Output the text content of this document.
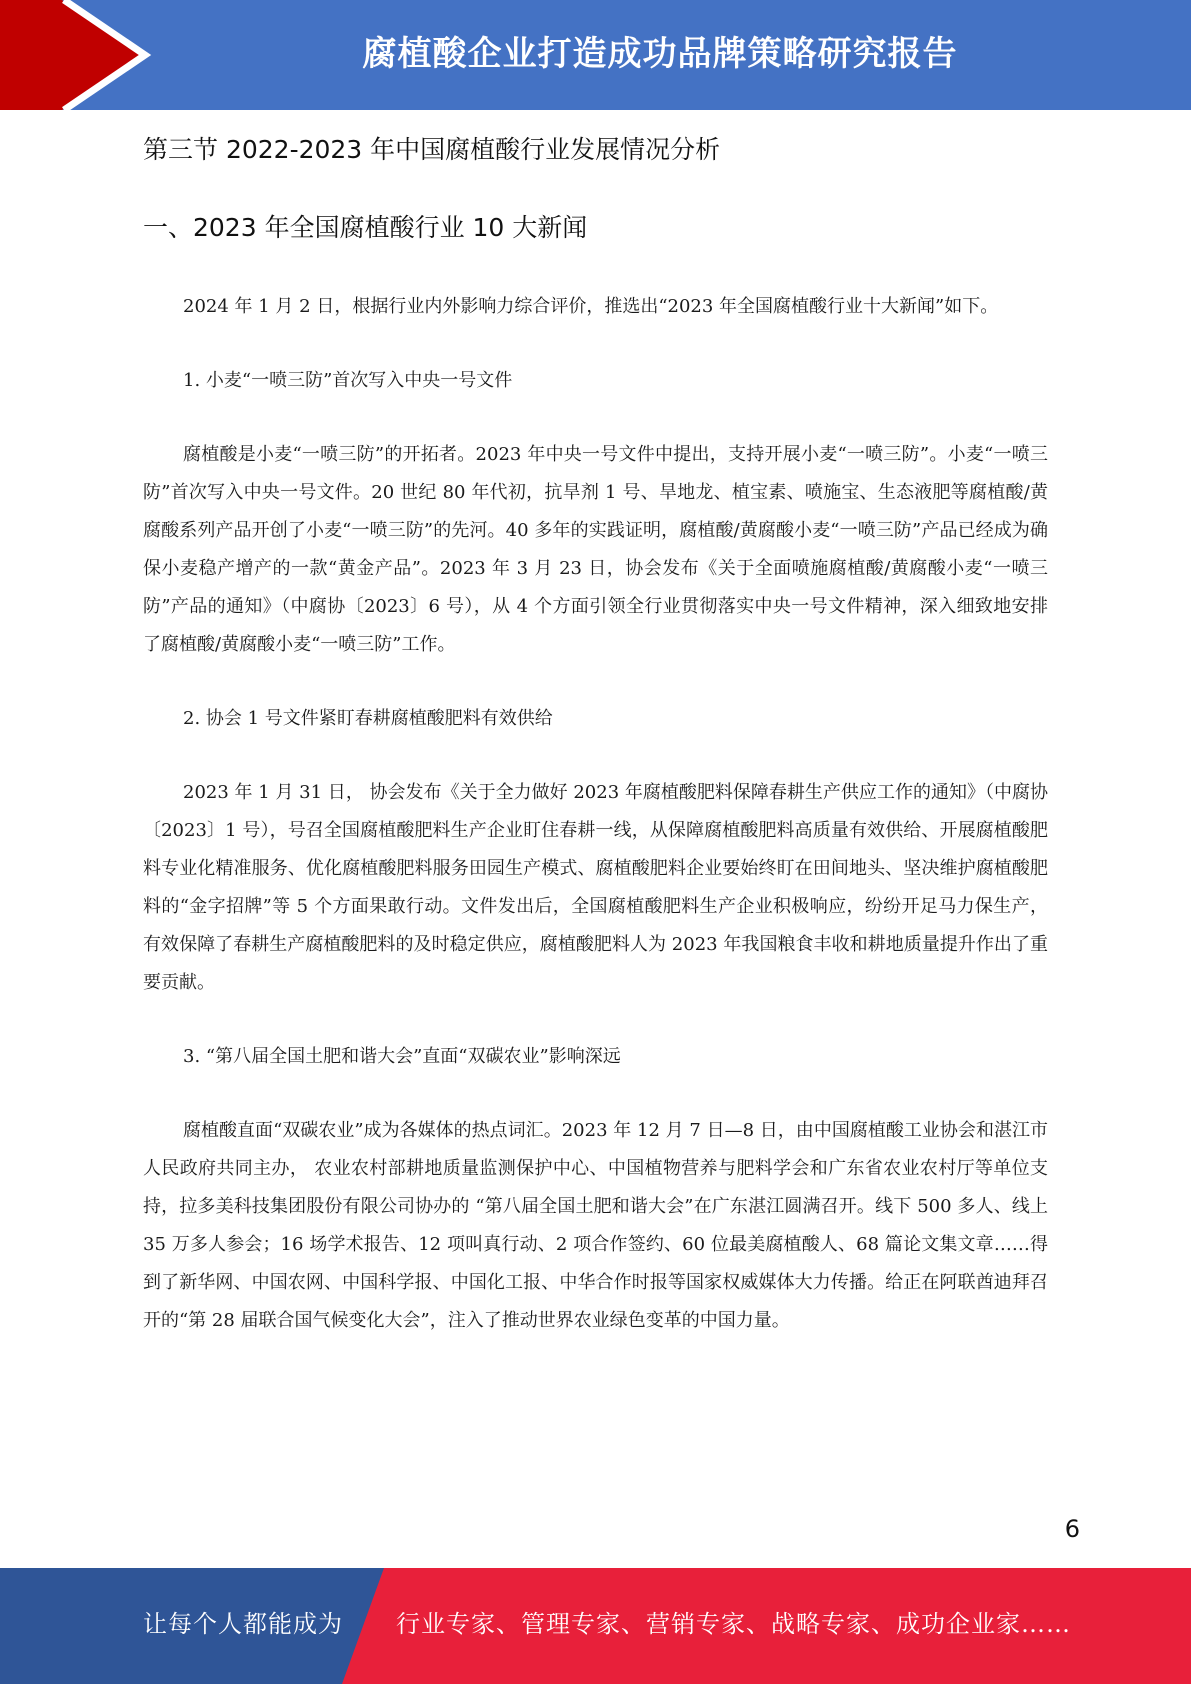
腐植酸企业打造成功品牌策略研究报告
第三节 2022-2023 年中国腐植酸行业发展情况分析
一、2023 年全国腐植酸行业 10 大新闻

2024 年 1 月 2 日，根据行业内外影响力综合评价，推选出“2023 年全国腐植酸行业十大新闻”如下。

1. 小麦“一喷三防”首次写入中央一号文件

腐植酸是小麦“一喷三防”的开拓者。2023 年中央一号文件中提出，支持开展小麦“一喷三防”。小麦“一喷三防”首次写入中央一号文件。20 世纪 80 年代初，抗旱剂 1 号、旱地龙、植宝素、喷施宝、生态液肥等腐植酸/黄腐酸系列产品开创了小麦“一喷三防”的先河。40 多年的实践证明，腐植酸/黄腐酸小麦“一喷三防”产品已经成为确保小麦稳产增产的一款“黄金产品”。2023 年 3 月 23 日，协会发布《关于全面喷施腐植酸/黄腐酸小麦“一喷三防”产品的通知》（中腐协〔2023〕6 号），从 4 个方面引领全行业贯彻落实中央一号文件精神，深入细致地安排了腐植酸/黄腐酸小麦“一喷三防”工作。

2. 协会 1 号文件紧盯春耕腐植酸肥料有效供给

2023 年 1 月 31 日， 协会发布《关于全力做好 2023 年腐植酸肥料保障春耕生产供应工作的通知》（中腐协〔2023〕1 号），号召全国腐植酸肥料生产企业盯住春耕一线，从保障腐植酸肥料高质量有效供给、开展腐植酸肥料专业化精准服务、优化腐植酸肥料服务田园生产模式、腐植酸肥料企业要始终盯在田间地头、坚决维护腐植酸肥料的“金字招牌”等 5 个方面果敢行动。文件发出后，全国腐植酸肥料生产企业积极响应，纷纷开足马力保生产，有效保障了春耕生产腐植酸肥料的及时稳定供应，腐植酸肥料人为 2023 年我国粮食丰收和耕地质量提升作出了重要贡献。

3. “第八届全国土肥和谐大会”直面“双碳农业”影响深远

腐植酸直面“双碳农业”成为各媒体的热点词汇。2023 年 12 月 7 日—8 日，由中国腐植酸工业协会和湛江市人民政府共同主办， 农业农村部耕地质量监测保护中心、中国植物营养与肥料学会和广东省农业农村厅等单位支持，拉多美科技集团股份有限公司协办的 “第八届全国土肥和谐大会”在广东湛江圆满召开。线下 500 多人、线上 35 万多人参会；16 场学术报告、12 项叫真行动、2 项合作签约、60 位最美腐植酸人、68 篇论文集文章……得到了新华网、中国农网、中国科学报、中国化工报、中华合作时报等国家权威媒体大力传播。给正在阿联酋迪拜召开的“第 28 届联合国气候变化大会”，注入了推动世界农业绿色变革的中国力量。

6
让每个人都能成为 行业专家、管理专家、营销专家、战略专家、成功企业家……
